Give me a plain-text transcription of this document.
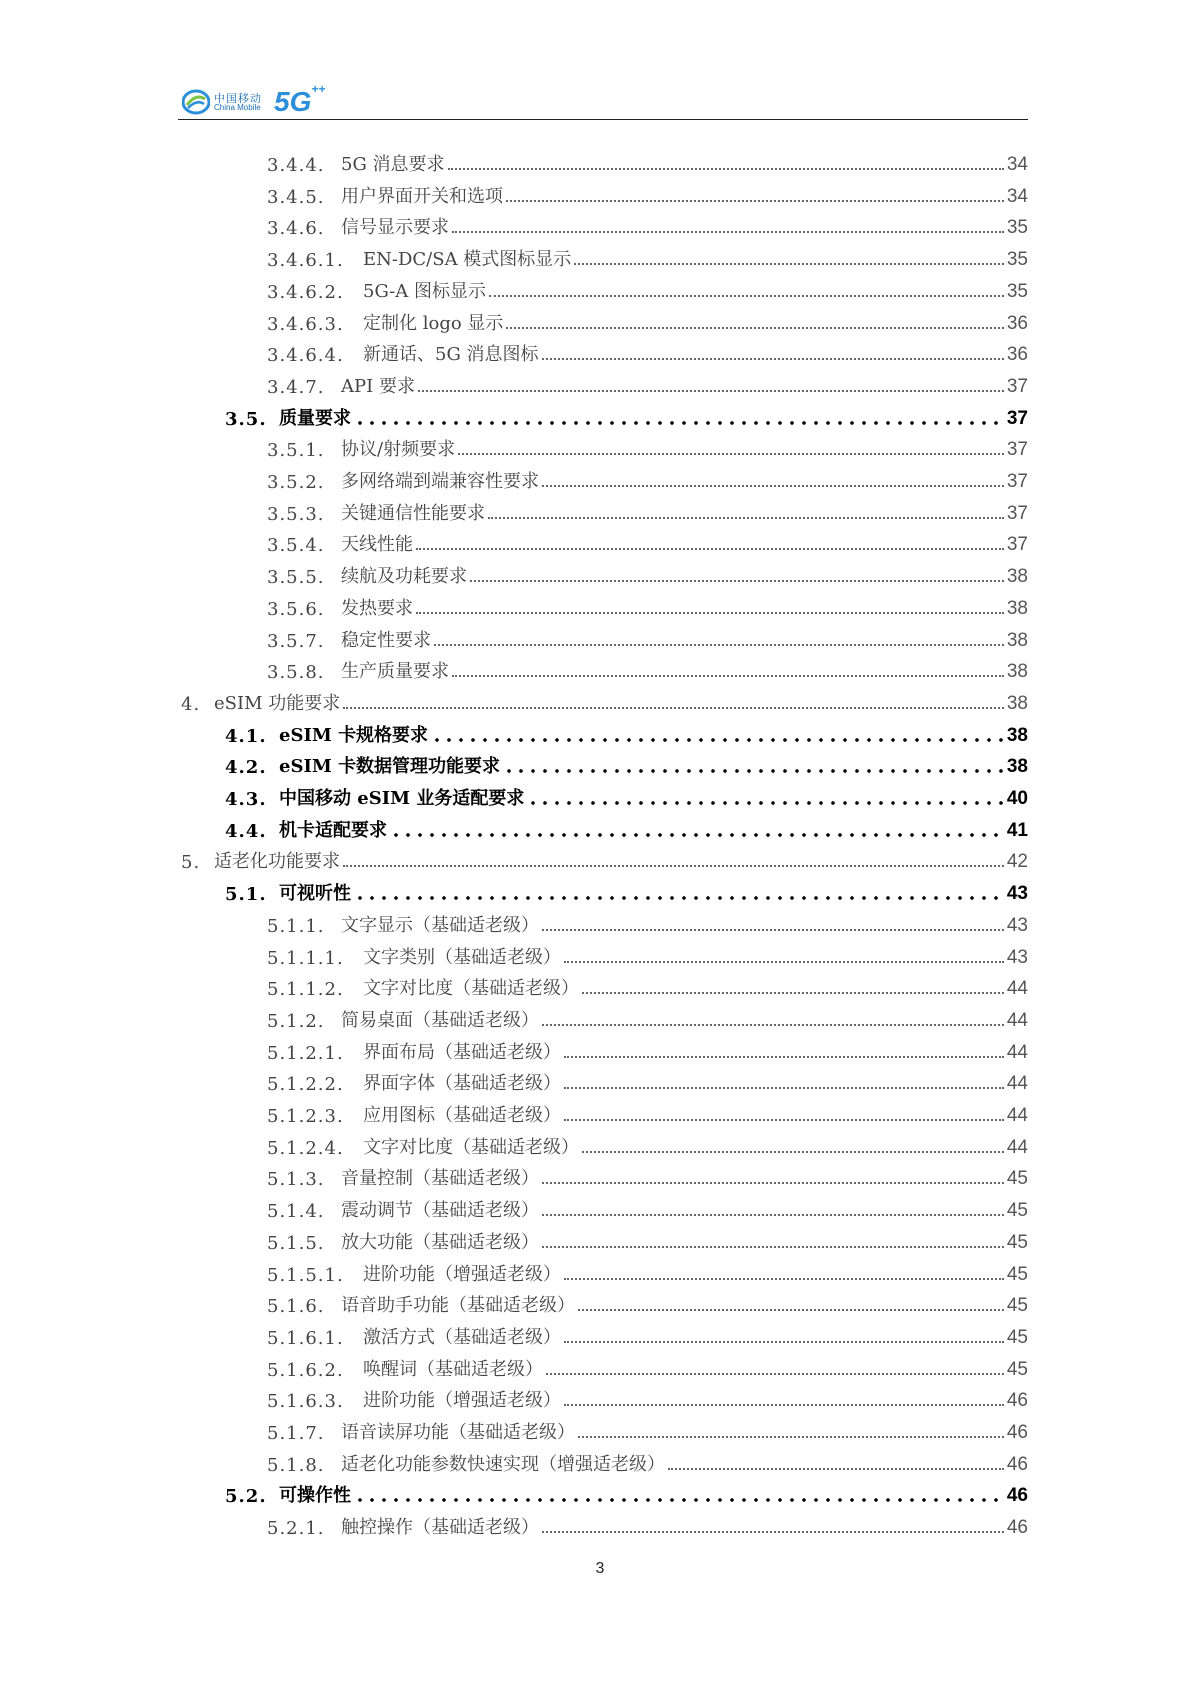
中国移动
China Mobile 5G ++
3.4.4. 5G 消息要求	34
3.4.5. 用户界面开关和选项	34
3.4.6. 信号显示要求	35
3.4.6.1.	EN-DC/SA 模式图标显示	35
3.4.6.2.	5G-A 图标显示	35
3.4.6.3.	定制化 logo 显示	36
3.4.6.4.	新通话、5G 消息图标	36
3.4.7. API 要求	37
3.5. 质量要求	37
3.5.1. 协议/射频要求	37
3.5.2. 多网络端到端兼容性要求	37
3.5.3. 关键通信性能要求	37
3.5.4. 天线性能	37
3.5.5. 续航及功耗要求	38
3.5.6. 发热要求	38
3.5.7. 稳定性要求	38
3.5.8. 生产质量要求	38
4. eSIM 功能要求	38
4.1. eSIM 卡规格要求	38
4.2. eSIM 卡数据管理功能要求	38
4.3. 中国移动 eSIM 业务适配要求	40
4.4. 机卡适配要求	41
5. 适老化功能要求	42
5.1. 可视听性	43
5.1.1. 文字显示（基础适老级）	43
5.1.1.1.	文字类别（基础适老级）	43
5.1.1.2.	文字对比度（基础适老级）	44
5.1.2. 简易桌面（基础适老级）	44
5.1.2.1.	界面布局（基础适老级）	44
5.1.2.2.	界面字体（基础适老级）	44
5.1.2.3.	应用图标（基础适老级）	44
5.1.2.4.	文字对比度（基础适老级）	44
5.1.3. 音量控制（基础适老级）	45
5.1.4. 震动调节（基础适老级）	45
5.1.5. 放大功能（基础适老级）	45
5.1.5.1.	进阶功能（增强适老级）	45
5.1.6. 语音助手功能（基础适老级）	45
5.1.6.1.	激活方式（基础适老级）	45
5.1.6.2.	唤醒词（基础适老级）	45
5.1.6.3.	进阶功能（增强适老级）	46
5.1.7. 语音读屏功能（基础适老级）	46
5.1.8. 适老化功能参数快速实现（增强适老级）	46
5.2. 可操作性	46
5.2.1. 触控操作（基础适老级）	46
3
